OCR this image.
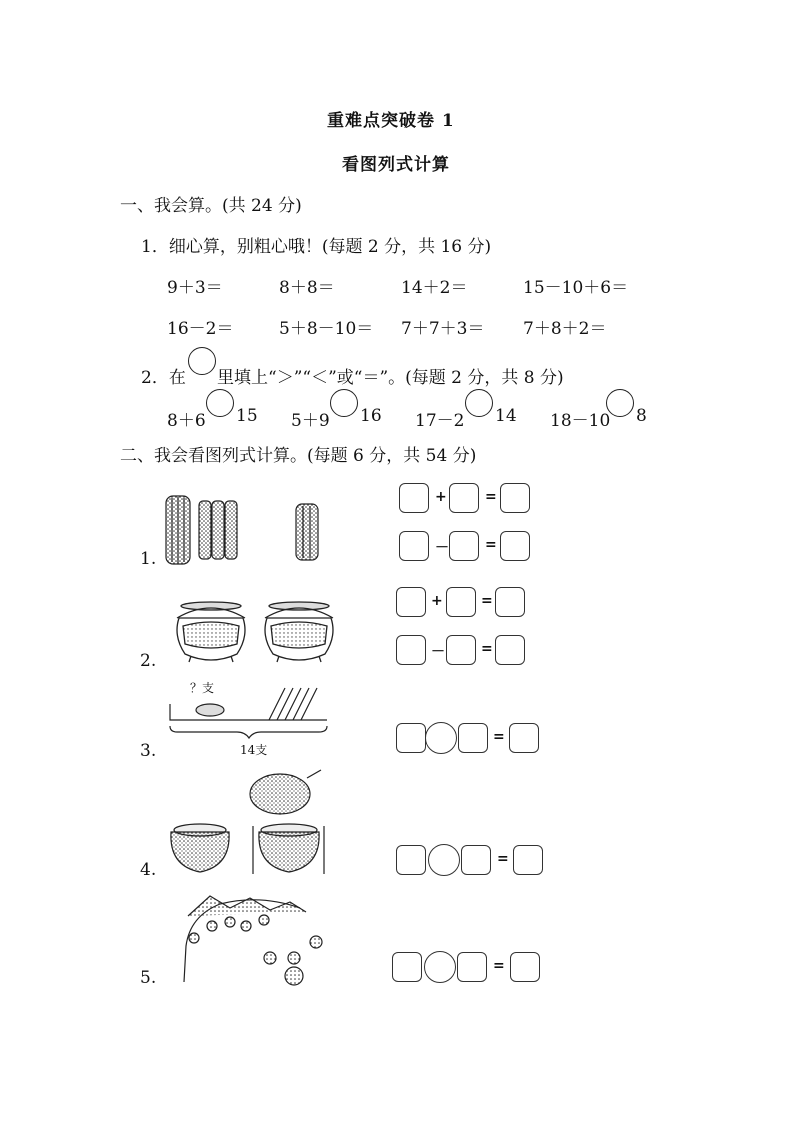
重难点突破卷 1
看图列式计算
一、我会算。(共 24 分)
1．细心算，别粗心哦！(每题 2 分，共 16 分)
9＋3＝	8＋8＝	14＋2＝	15－10＋6＝
16－2＝	5＋8－10＝ 7＋7＋3＝ 7＋8＋2＝
2．在 里填上“＞”“＜”或“＝”。(每题 2 分，共 8 分)
8＋6 15 5＋9 16 17－2 14 18－10 8
二、我会看图列式计算。(每题 6 分，共 54 分)
1.
+	=
－	=
2.
+	=
－	=
3.
？支
14支
=
4.
=
5.
=
